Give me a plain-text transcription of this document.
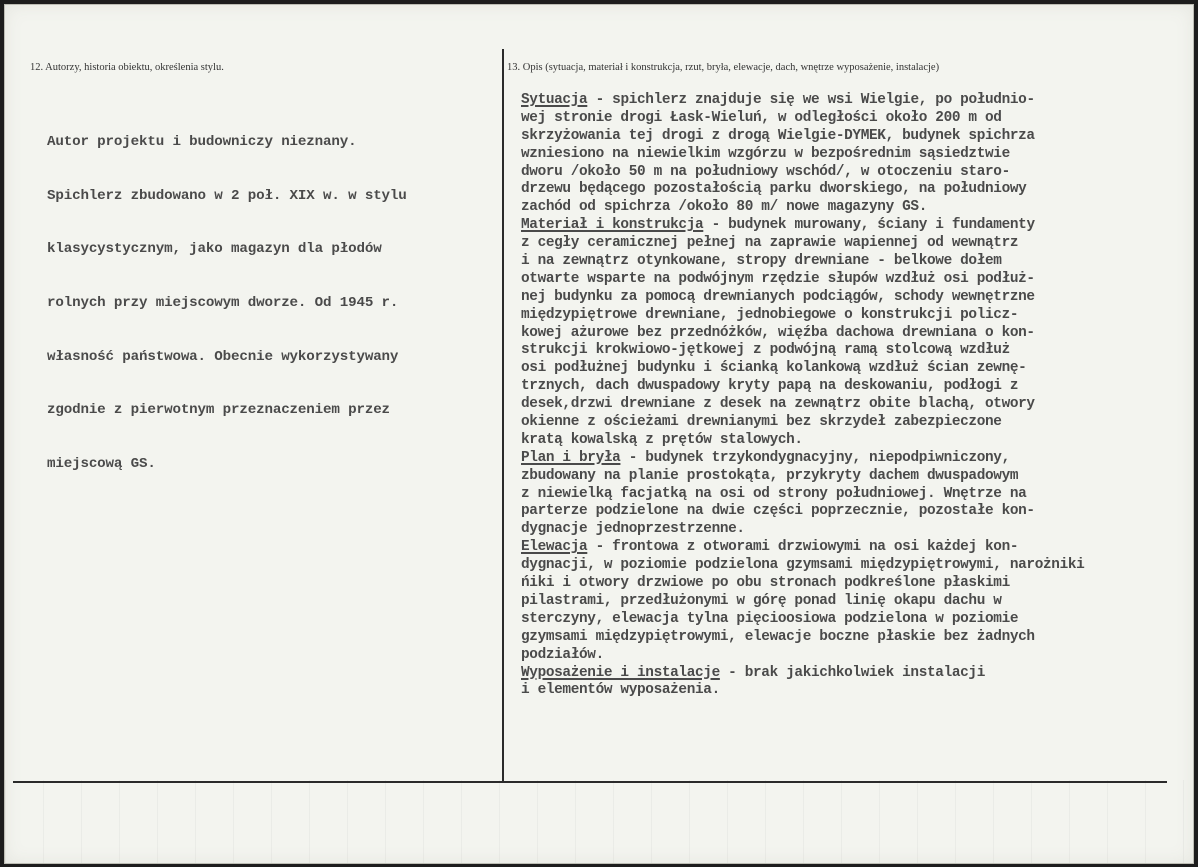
12. Autorzy, historia obiektu, określenia stylu.	13. Opis (sytuacja, materiał i konstrukcja, rzut, bryła, elewacje, dach, wnętrze wyposażenie, instalacje)

Autor projektu i budowniczy nieznany.

Spichlerz zbudowano w 2 poł. XIX w. w stylu

klasycystycznym, jako magazyn dla płodów

rolnych przy miejscowym dworze. Od 1945 r.

własność państwowa. Obecnie wykorzystywany

zgodnie z pierwotnym przeznaczeniem przez

miejscową GS.

Sytuacja - spichlerz znajduje się we wsi Wielgie, po południo-
wej stronie drogi Łask-Wieluń, w odległości około 200 m od
skrzyżowania tej drogi z drogą Wielgie-DYMEK, budynek spichrza
wzniesiono na niewielkim wzgórzu w bezpośrednim sąsiedztwie
dworu /około 50 m na południowy wschód/, w otoczeniu staro-
drzewu będącego pozostałością parku dworskiego, na południowy
zachód od spichrza /około 80 m/ nowe magazyny GS.
Materiał i konstrukcja - budynek murowany, ściany i fundamenty
z cegły ceramicznej pełnej na zaprawie wapiennej od wewnątrz
i na zewnątrz otynkowane, stropy drewniane - belkowe dołem
otwarte wsparte na podwójnym rzędzie słupów wzdłuż osi podłuż-
nej budynku za pomocą drewnianych podciągów, schody wewnętrzne
międzypiętrowe drewniane, jednobiegowe o konstrukcji policz-
kowej ażurowe bez przednóżków, więźba dachowa drewniana o kon-
strukcji krokwiowo-jętkowej z podwójną ramą stolcową wzdłuż
osi podłużnej budynku i ścianką kolankową wzdłuż ścian zewnę-
trznych, dach dwuspadowy kryty papą na deskowaniu, podłogi z
desek,drzwi drewniane z desek na zewnątrz obite blachą, otwory
okienne z ościeżami drewnianymi bez skrzydeł zabezpieczone
kratą kowalską z prętów stalowych.
Plan i bryła - budynek trzykondygnacyjny, niepodpiwniczony,
zbudowany na planie prostokąta, przykryty dachem dwuspadowym
z niewielką facjatką na osi od strony południowej. Wnętrze na
parterze podzielone na dwie części poprzecznie, pozostałe kon-
dygnacje jednoprzestrzenne.
Elewacja - frontowa z otworami drzwiowymi na osi każdej kon-
dygnacji, w poziomie podzielona gzymsami międzypiętrowymi, narożniki
ńiki i otwory drzwiowe po obu stronach podkreślone płaskimi
pilastrami, przedłużonymi w górę ponad linię okapu dachu w
sterczyny, elewacja tylna pięcioosiowa podzielona w poziomie
gzymsami międzypiętrowymi, elewacje boczne płaskie bez żadnych
podziałów.
Wyposażenie i instalacje - brak jakichkolwiek instalacji
i elementów wyposażenia.
